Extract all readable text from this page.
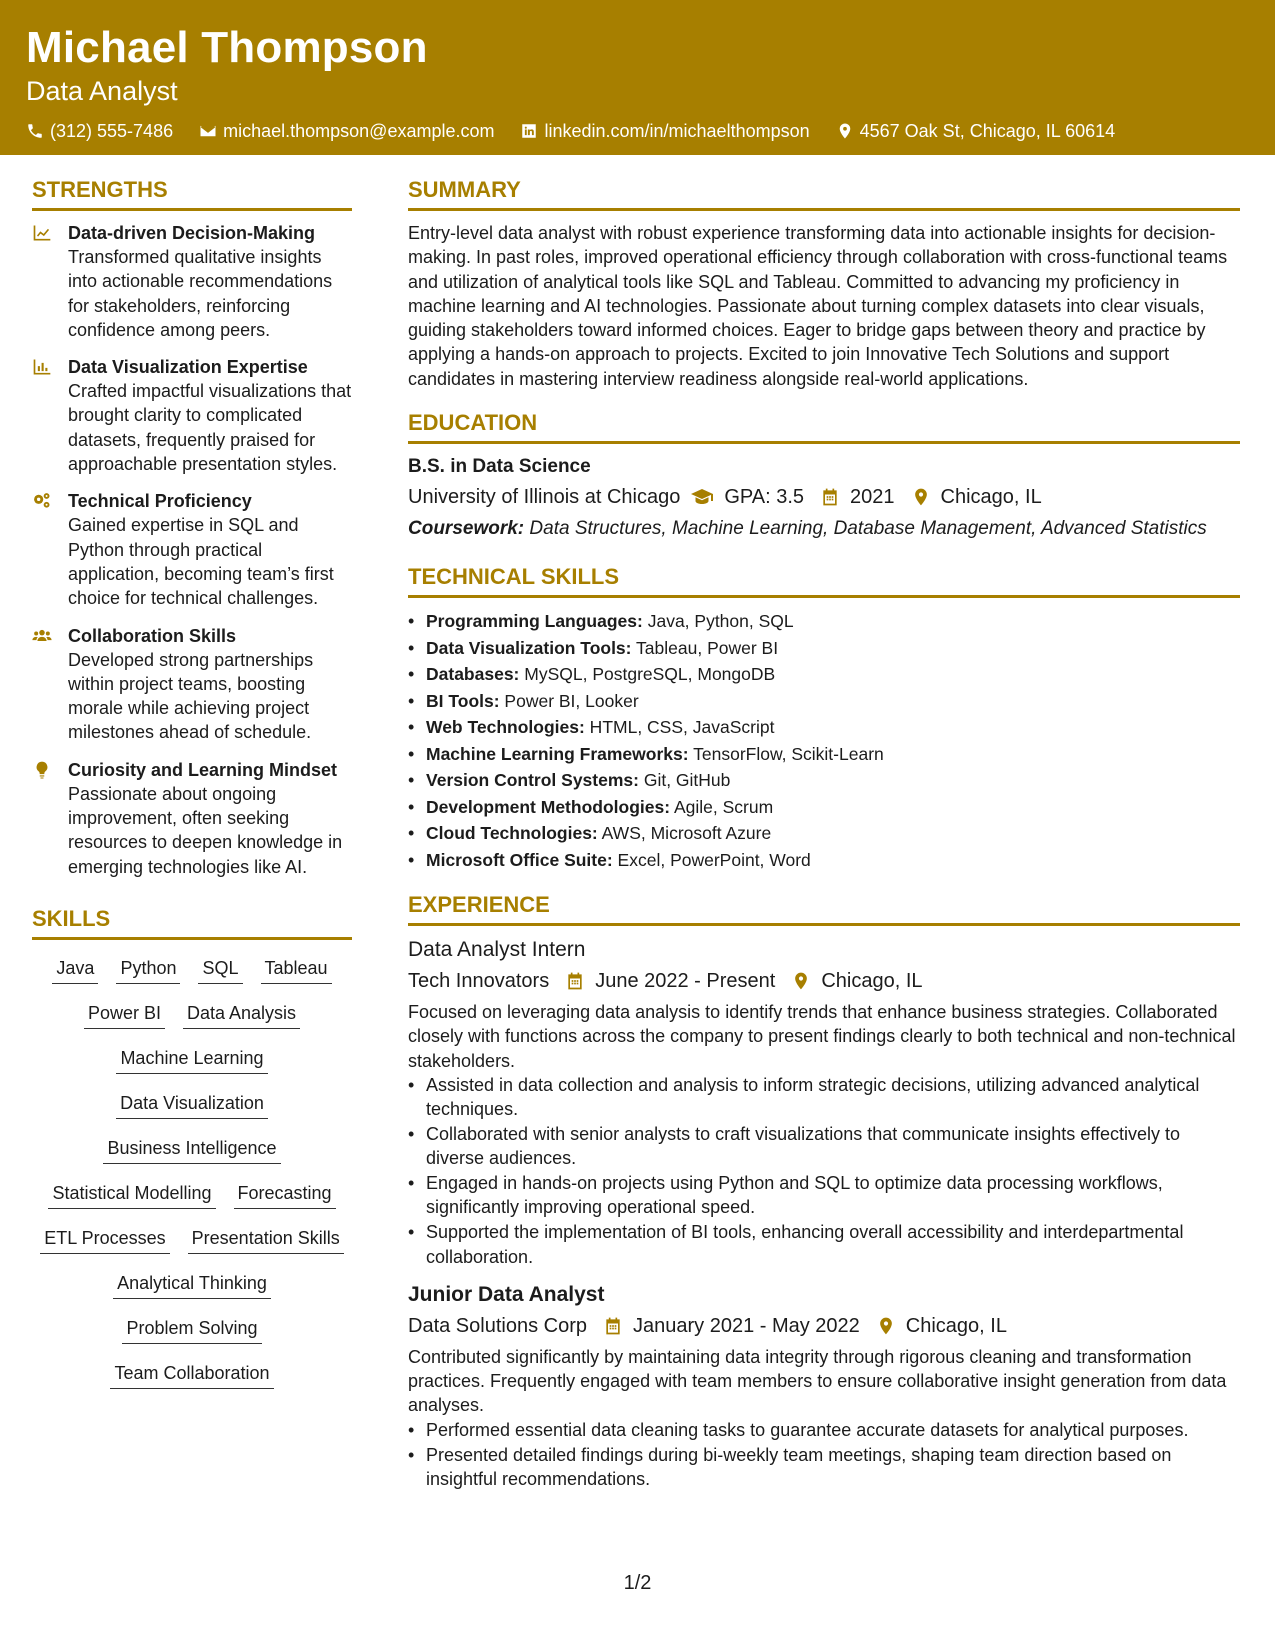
Michael Thompson
Data Analyst
(312) 555-7486	michael.thompson@example.com	linkedin.com/in/michaelthompson	4567 Oak St, Chicago, IL 60614
STRENGTHS
Data-driven Decision-Making
Transformed qualitative insights into actionable recommendations for stakeholders, reinforcing confidence among peers.
Data Visualization Expertise
Crafted impactful visualizations that brought clarity to complicated datasets, frequently praised for approachable presentation styles.
Technical Proficiency
Gained expertise in SQL and Python through practical application, becoming team’s first choice for technical challenges.
Collaboration Skills
Developed strong partnerships within project teams, boosting morale while achieving project milestones ahead of schedule.
Curiosity and Learning Mindset
Passionate about ongoing improvement, often seeking resources to deepen knowledge in emerging technologies like AI.
SKILLS
Java Python SQL Tableau
Power BI Data Analysis
Machine Learning
Data Visualization
Business Intelligence
Statistical Modelling Forecasting
ETL Processes Presentation Skills
Analytical Thinking
Problem Solving
Team Collaboration
SUMMARY
Entry-level data analyst with robust experience transforming data into actionable insights for decision-making. In past roles, improved operational efficiency through collaboration with cross-functional teams and utilization of analytical tools like SQL and Tableau. Committed to advancing my proficiency in machine learning and AI technologies. Passionate about turning complex datasets into clear visuals, guiding stakeholders toward informed choices. Eager to bridge gaps between theory and practice by applying a hands-on approach to projects. Excited to join Innovative Tech Solutions and support candidates in mastering interview readiness alongside real-world applications.
EDUCATION
B.S. in Data Science
University of Illinois at Chicago GPA: 3.5 2021 Chicago, IL
Coursework: Data Structures, Machine Learning, Database Management, Advanced Statistics
TECHNICAL SKILLS
• Programming Languages: Java, Python, SQL
• Data Visualization Tools: Tableau, Power BI
• Databases: MySQL, PostgreSQL, MongoDB
• BI Tools: Power BI, Looker
• Web Technologies: HTML, CSS, JavaScript
• Machine Learning Frameworks: TensorFlow, Scikit-Learn
• Version Control Systems: Git, GitHub
• Development Methodologies: Agile, Scrum
• Cloud Technologies: AWS, Microsoft Azure
• Microsoft Office Suite: Excel, PowerPoint, Word
EXPERIENCE
Data Analyst Intern
Tech Innovators June 2022 - Present Chicago, IL
Focused on leveraging data analysis to identify trends that enhance business strategies. Collaborated closely with functions across the company to present findings clearly to both technical and non-technical stakeholders.
• Assisted in data collection and analysis to inform strategic decisions, utilizing advanced analytical techniques.
• Collaborated with senior analysts to craft visualizations that communicate insights effectively to diverse audiences.
• Engaged in hands-on projects using Python and SQL to optimize data processing workflows, significantly improving operational speed.
• Supported the implementation of BI tools, enhancing overall accessibility and interdepartmental collaboration.
Junior Data Analyst
Data Solutions Corp January 2021 - May 2022 Chicago, IL
Contributed significantly by maintaining data integrity through rigorous cleaning and transformation practices. Frequently engaged with team members to ensure collaborative insight generation from data analyses.
• Performed essential data cleaning tasks to guarantee accurate datasets for analytical purposes.
• Presented detailed findings during bi-weekly team meetings, shaping team direction based on insightful recommendations.
1/2
